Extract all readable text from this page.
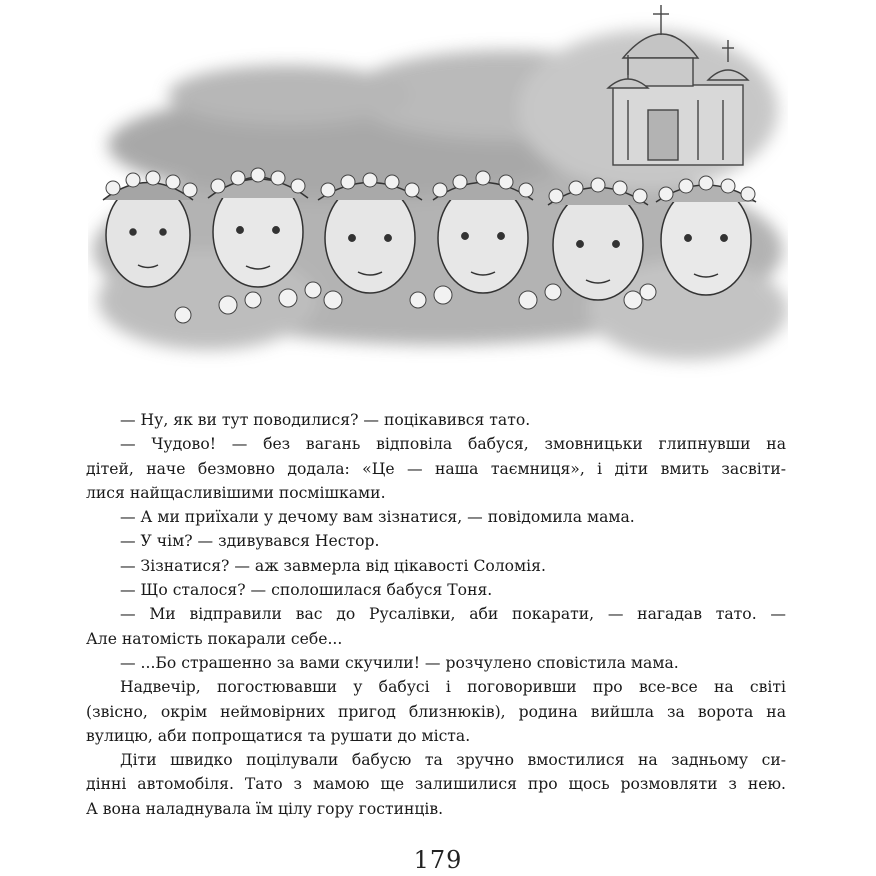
— Ну, як ви тут поводилися? — поцікавився тато.

— Чудово! — без вагань відповіла бабуся, змовницьки глипнувши на

дітей, наче безмовно додала: «Це — наша таємниця», і діти вмить засвіти-

лися найщасливішими посмішками.

— А ми приїхали у дечому вам зізнатися, — повідомила мама.

— У чім? — здивувався Нестор.

— Зізнатися? — аж завмерла від цікавості Соломія.

— Що сталося? — сполошилася бабуся Тоня.

— Ми відправили вас до Русалівки, аби покарати, — нагадав тато. —

Але натомість покарали себе...

— ...Бо страшенно за вами скучили! — розчулено сповістила мама.

Надвечір, погостювавши у бабусі і поговоривши про все-все на світі

(звісно, окрім неймовірних пригод близнюків), родина вийшла за ворота на

вулицю, аби попрощатися та рушати до міста.

Діти швидко поцілували бабусю та зручно вмостилися на задньому си-

дінні автомобіля. Тато з мамою ще залишилися про щось розмовляти з нею.

А вона наладнувала їм цілу гору гостинців.

179
